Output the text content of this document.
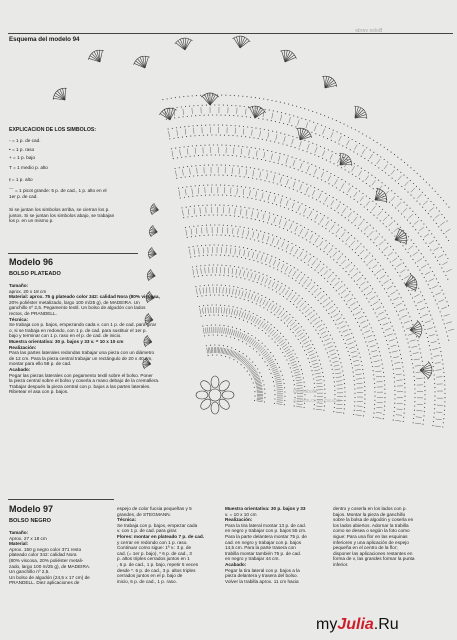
Bolso verde
Esquema del modelo 94
EXPLICACION DE LOS SIMBOLOS:
◦ = 1 p. de cad.
• = 1 p. raso
+ = 1 p. bajo
T = 1 medio p. alto
⫲ = 1 p. alto
⌒ = 1 picot grande: 5 p. de cad., 1 p. alto en el 1er p. de cad.
Si se juntan los simbolos arriba, se cierran los p. juntos. Si se juntan los simbolos abajo, se trabajan los p. en un mismo p.
Modelo 96
BOLSO PLATEADO
Tamaño:
aprox. 20 x 18 cm
Material: aprox. 75 g plateado color 342: calidad Nora (80% viscosa,
20% poliéster metalizado, largo 100 m/25 g), de MADEIRA. Un
ganchillo nº 2,5. Pegamento textil. Un bolso de algodón con lados
rectos, de PRANDELL.
Técnica:
Se trabaja con p. bajos, empezando cada v. con 1 p. de cad. para girar
o, si se trabaja en redondo, con 1 p. de cad. para sustituir el 1er p.
bajo y terminar con 1 p. raso en el p. de cad. de inicio.
Muestra orientativa: 30 p. bajos y 33 v. = 10 x 10 cm
Realización:
Para las partes laterales redondas trabajar una pieza con un diámetro
de 12 cm. Para la pieza central trabajar un rectángulo de 20 x 40 cm,
montar para ello 58 p. de cad.
Acabado:
Pegar las piezas laterales con pegamento textil sobre el bolso. Poner
la pieza central sobre el bolso y coserla a mano debajo de la cremallera.
Trabajar después la pieza central con p. bajos a las partes laterales.
Ribetear el asa con p. bajos.	Modelo 99
BOLSO DE CUENTAS
Modelo 97
BOLSO NEGRO
Tamaño:
Aprox. 27 x 18 cm
Material:
Aprox. 150 g negro color 371 resto
plateado color 342: calidad Nora
(80% viscosa, 20% poliéster metali-
zado, largo 100 m/25 g), de MADEIRA.
Un ganchillo nº 2,5.
Un bolso de algodón (24,5 x 17 cm) de
PRANDELL. Diez aplicaciones de
espejo de color fucsia pequeñas y 5
grandes, de STEGMANN.
Técnica:
Se trabaja con p. bajos, empezar cada
v. con 1 p. de cad. para girar.
Flores: montar en plateado 7 p. de cad.
y cerrar en redondo con 1 p. raso.
Continuar como sigue: 1ª v.: 3 p. de
cad. (= 1er p. bajo), * 6 p. de cad., 3
p. altos triples cerrados juntos en 1
, 6 p. de cad., 1 p. bajo, repetir 5 veces
desde *. 6 p. de cad., 3 p. altos triples
cerrados juntos en el p. bajo de
inicio, 6 p. de cad., 1 p. raso.
Muestra orientativa: 30 p. bajos y 33
v. = 10 x 10 cm
Realización:
Para la tira lateral montar 13 p. de cad.
en negro y trabajar con p. bajos 55 cm.
Para la parte delantera montar 75 p. de
cad. en negro y trabajar con p. bajos
14,5 cm. Para la parte trasera con
trabilla montar también 75 p. de cad.
en negro y trabajar 44 cm.
Acabado:
Pegar la tira lateral con p. bajos a la
pieza delantera y trasera del bolso.
Volver la trabilla aprox. 11 cm hacia
dentro y coserla en los lados con p.
bajos. Montar la pieza de ganchillo
sobre la bolsa de algodón y coserla en
los lados abiertos. Adornar la trabilla
como se desea o según la foto como
sigue: Para una flor en las esquinas
inferiores y una aplicación de espejo
pequeña en el centro de la flor;
disponer las aplicaciones restantes en
forma de v, las grandes formar la punta
inferior.
myJulia.Ru
